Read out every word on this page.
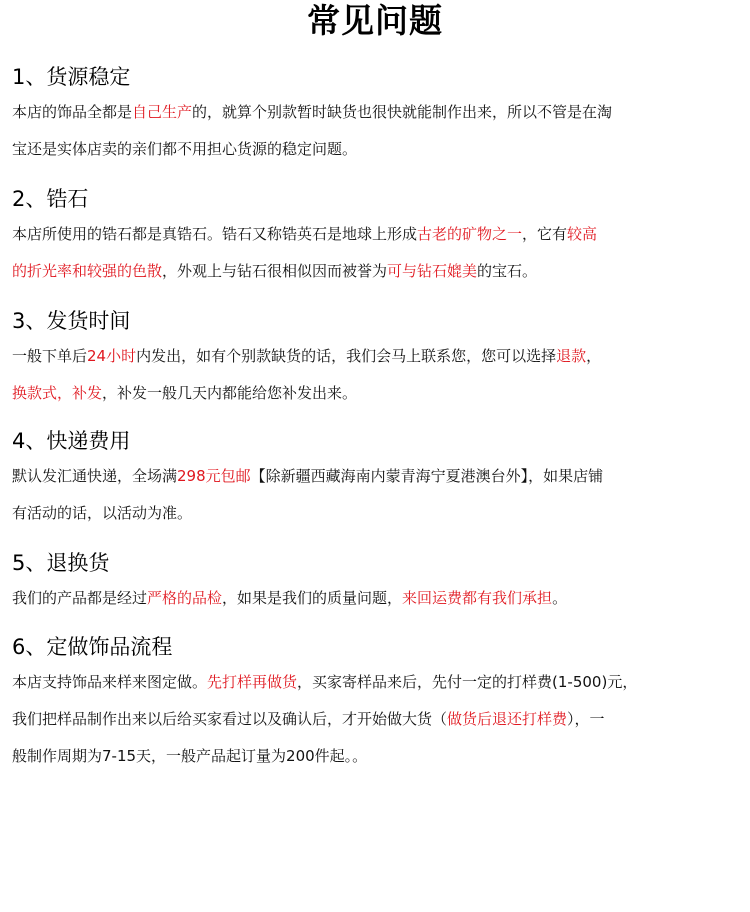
常见问题
1、货源稳定
本店的饰品全都是自己生产的，就算个别款暂时缺货也很快就能制作出来，所以不管是在淘
宝还是实体店卖的亲们都不用担心货源的稳定问题。
2、锆石
本店所使用的锆石都是真锆石。锆石又称锆英石是地球上形成古老的矿物之一，它有较高
的折光率和较强的色散，外观上与钻石很相似因而被誉为可与钻石媲美的宝石。
3、发货时间
一般下单后24小时内发出，如有个别款缺货的话，我们会马上联系您，您可以选择退款，
换款式，补发，补发一般几天内都能给您补发出来。
4、快递费用
默认发汇通快递，全场满298元包邮【除新疆西藏海南内蒙青海宁夏港澳台外】，如果店铺
有活动的话，以活动为准。
5、退换货
我们的产品都是经过严格的品检，如果是我们的质量问题，来回运费都有我们承担。
6、定做饰品流程
本店支持饰品来样来图定做。先打样再做货，买家寄样品来后，先付一定的打样费(1-500)元，
我们把样品制作出来以后给买家看过以及确认后，才开始做大货（做货后退还打样费），一
般制作周期为7-15天，一般产品起订量为200件起。。
